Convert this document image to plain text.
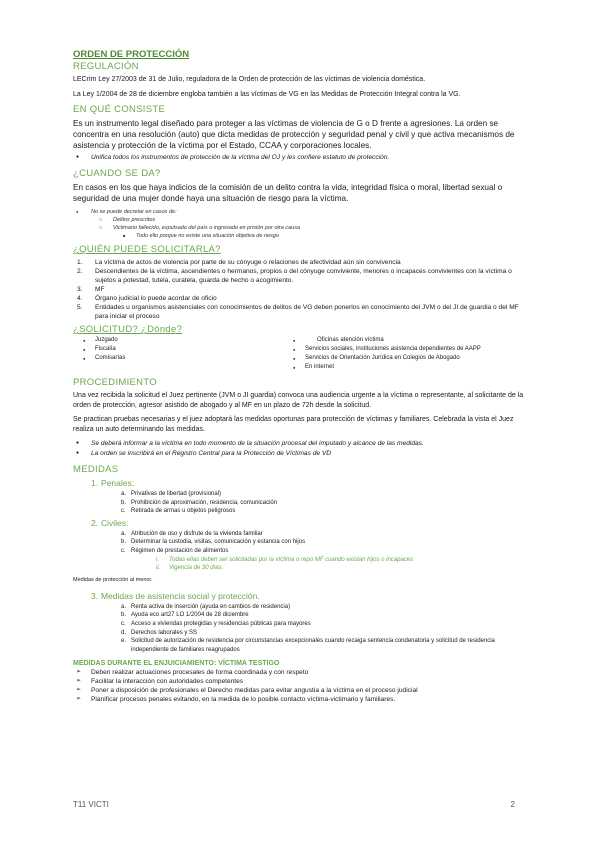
ORDEN DE PROTECCIÓN
REGULACIÓN

LECrim Ley 27/2003 de 31 de Julio, reguladora de la Orden de protección de las víctimas de violencia doméstica.

La Ley 1/2004 de 28 de diciembre engloba también a las víctimas de VG en las Medidas de Protección Integral contra la VG.

EN QUÉ CONSISTE

Es un instrumento legal diseñado para proteger a las víctimas de violencia de G o D frente a agresiones. La orden se concentra en una resolución (auto) que dicta medidas de protección y seguridad penal y civil y que activa mecanismos de asistencia y protección de la víctima por el Estado, CCAA y corporaciones locales.

● Unifica todos los instrumentos de protección de la víctima del OJ y les confiere estatuto de protección.
¿CUANDO SE DA?

En casos en los que haya indicios de la comisión de un delito contra la vida, integridad física o moral, libertad sexual o seguridad de una mujer donde haya una situación de riesgo para la víctima.

● No se puede decretar en casos de:
○ Delitos prescritos
○ Victimario fallecido, expulsado del país o ingresado en prisión por otra causa
■ Todo ello porque no existe una situación objetiva de riesgo
¿QUIÉN PUEDE SOLICITARLA?
1. La víctima de actos de violencia por parte de su cónyuge o relaciones de afectividad aún sin convivencia
2. Descendientes de la víctima, ascendientes o hermanos, propios o del cónyuge conviviente, menores o incapaces convivientes con la víctima o sujetos a potestad, tutela, curatela, guarda de hecho o acogimiento.
3. MF
4. Órgano judicial lo puede acordar de oficio
5. Entidades u organismos asistenciales con conocimientos de delitos de VG deben ponerlos en conocimiento del JVM o del JI de guardia o del MF para iniciar el proceso
¿SOLICITUD? ¿Dónde?
● Juzgado
● Fiscalía
● Comisarías
● Oficinas atención víctima
● Servicios sociales, instituciones asistencia dependientes de AAPP
● Servicios de Orientación Jurídica en Colegios de Abogado
● En internet
PROCEDIMIENTO

Una vez recibida la solicitud el Juez pertinente (JVM o JI guardia) convoca una audiencia urgente a la víctima o representante, al solicitante de la orden de protección, agresor asistido de abogado y al MF en un plazo de 72h desde la solicitud.

Se practican pruebas necesarias y el juez adoptará las medidas oportunas para protección de víctimas y familiares. Celebrada la vista el Juez realiza un auto determinando las medidas.

● Se deberá informar a la víctima en todo momento de la situación procesal del imputado y alcance de las medidas.
● La orden se inscribirá en el Registro Central para la Protección de Víctimas de VD
MEDIDAS
1. Penales:
a. Privativas de libertad (provisional)
b. Prohibición de aproximación, residencia, comunicación
c. Retirada de armas u objetos peligrosos
2. Civiles:
a. Atribución de uso y disfrute de la vivienda familiar
b. Determinar la custodia, visitas, comunicación y estancia con hijos
c. Régimen de prestación de alimentos
i. Todas ellas deben ser solicitadas por la víctima o repo MF cuando existan hijos o incapaces
ii. Vigencia de 30 días.
Medidas de protección al menor.
3. Medidas de asistencia social y protección.
a. Renta activa de inserción (ayuda en cambios de residencia)
b. Ayuda eco art27 LO 1/2004 de 28 diciembre
c. Acceso a viviendas protegidas y residencias públicas para mayores
d. Derechos laborales y SS
e. Solicitud de autorización de residencia por circunstancias excepcionales cuando recaiga sentencia condenatoria y solicitud de residencia independiente de familiares reagrupados
MEDIDAS DURANTE EL ENJUICIAMIENTO: VÍCTIMA TESTIGO
➢ Deben realizar actuaciones procesales de forma coordinada y con respeto
➢ Facilitar la interacción con autoridades competentes
➢ Poner a disposición de profesionales el Derecho medidas para evitar angustia a la víctima en el proceso judicial
➢ Planificar procesos penales evitando, en la medida de lo posible contacto víctima-victimario y familiares.
T11 VICTI	2
